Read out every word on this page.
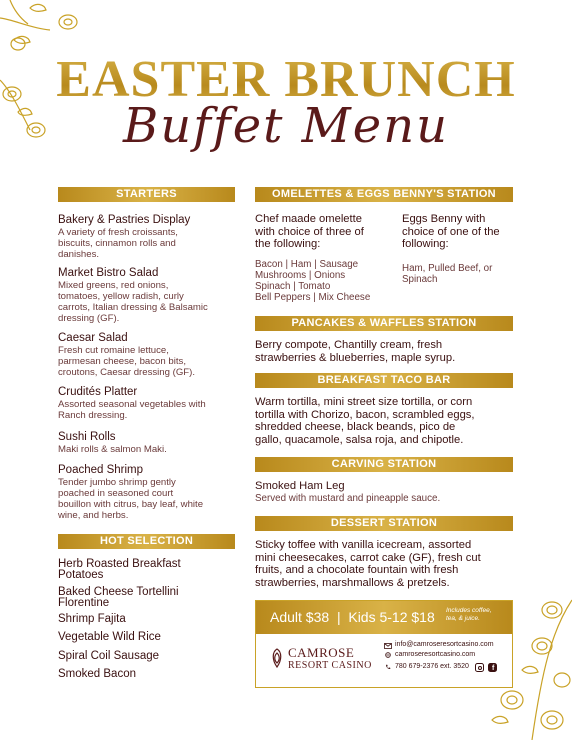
EASTER BRUNCH
Buffet Menu
STARTERS
Bakery & Pastries Display
A variety of fresh croissants,
biscuits, cinnamon rolls and
danishes.
Market Bistro Salad
Mixed greens, red onions,
tomatoes, yellow radish, curly
carrots, Italian dressing & Balsamic
dressing (GF).
Caesar Salad
Fresh cut romaine lettuce,
parmesan cheese, bacon bits,
croutons, Caesar dressing (GF).
Crudités Platter
Assorted seasonal vegetables with
Ranch dressing.
Sushi Rolls
Maki rolls & salmon Maki.
Poached Shrimp
Tender jumbo shrimp gently
poached in seasoned court
bouillon with citrus, bay leaf, white
wine, and herbs.
HOT SELECTION
Herb Roasted Breakfast
Potatoes
Baked Cheese Tortellini
Florentine
Shrimp Fajita
Vegetable Wild Rice
Spiral Coil Sausage
Smoked Bacon
OMELETTES & EGGS BENNY'S STATION
Chef maade omelette
with choice of three of
the following:
Bacon | Ham | Sausage
Mushrooms | Onions
Spinach | Tomato
Bell Peppers | Mix Cheese
Eggs Benny with
choice of one of the
following:
Ham, Pulled Beef, or
Spinach
PANCAKES & WAFFLES STATION
Berry compote, Chantilly cream, fresh
strawberries & blueberries, maple syrup.
BREAKFAST TACO BAR
Warm tortilla, mini street size tortilla, or corn
tortilla with Chorizo, bacon, scrambled eggs,
shredded cheese, black beands, pico de
gallo, quacamole, salsa roja, and chipotle.
CARVING STATION
Smoked Ham Leg
Served with mustard and pineapple sauce.
DESSERT STATION
Sticky toffee with vanilla icecream, assorted
mini cheesecakes, carrot cake (GF), fresh cut
fruits, and a chocolate fountain with fresh
strawberries, marshmallows & pretzels.
Adult $38  |  Kids 5-12 $18 Includes coffee,
tea, & juice.
CAMROSE
RESORT CASINO
info@camroseresortcasino.com
camroseresortcasino.com
780 679-2376 ext. 3520	f
